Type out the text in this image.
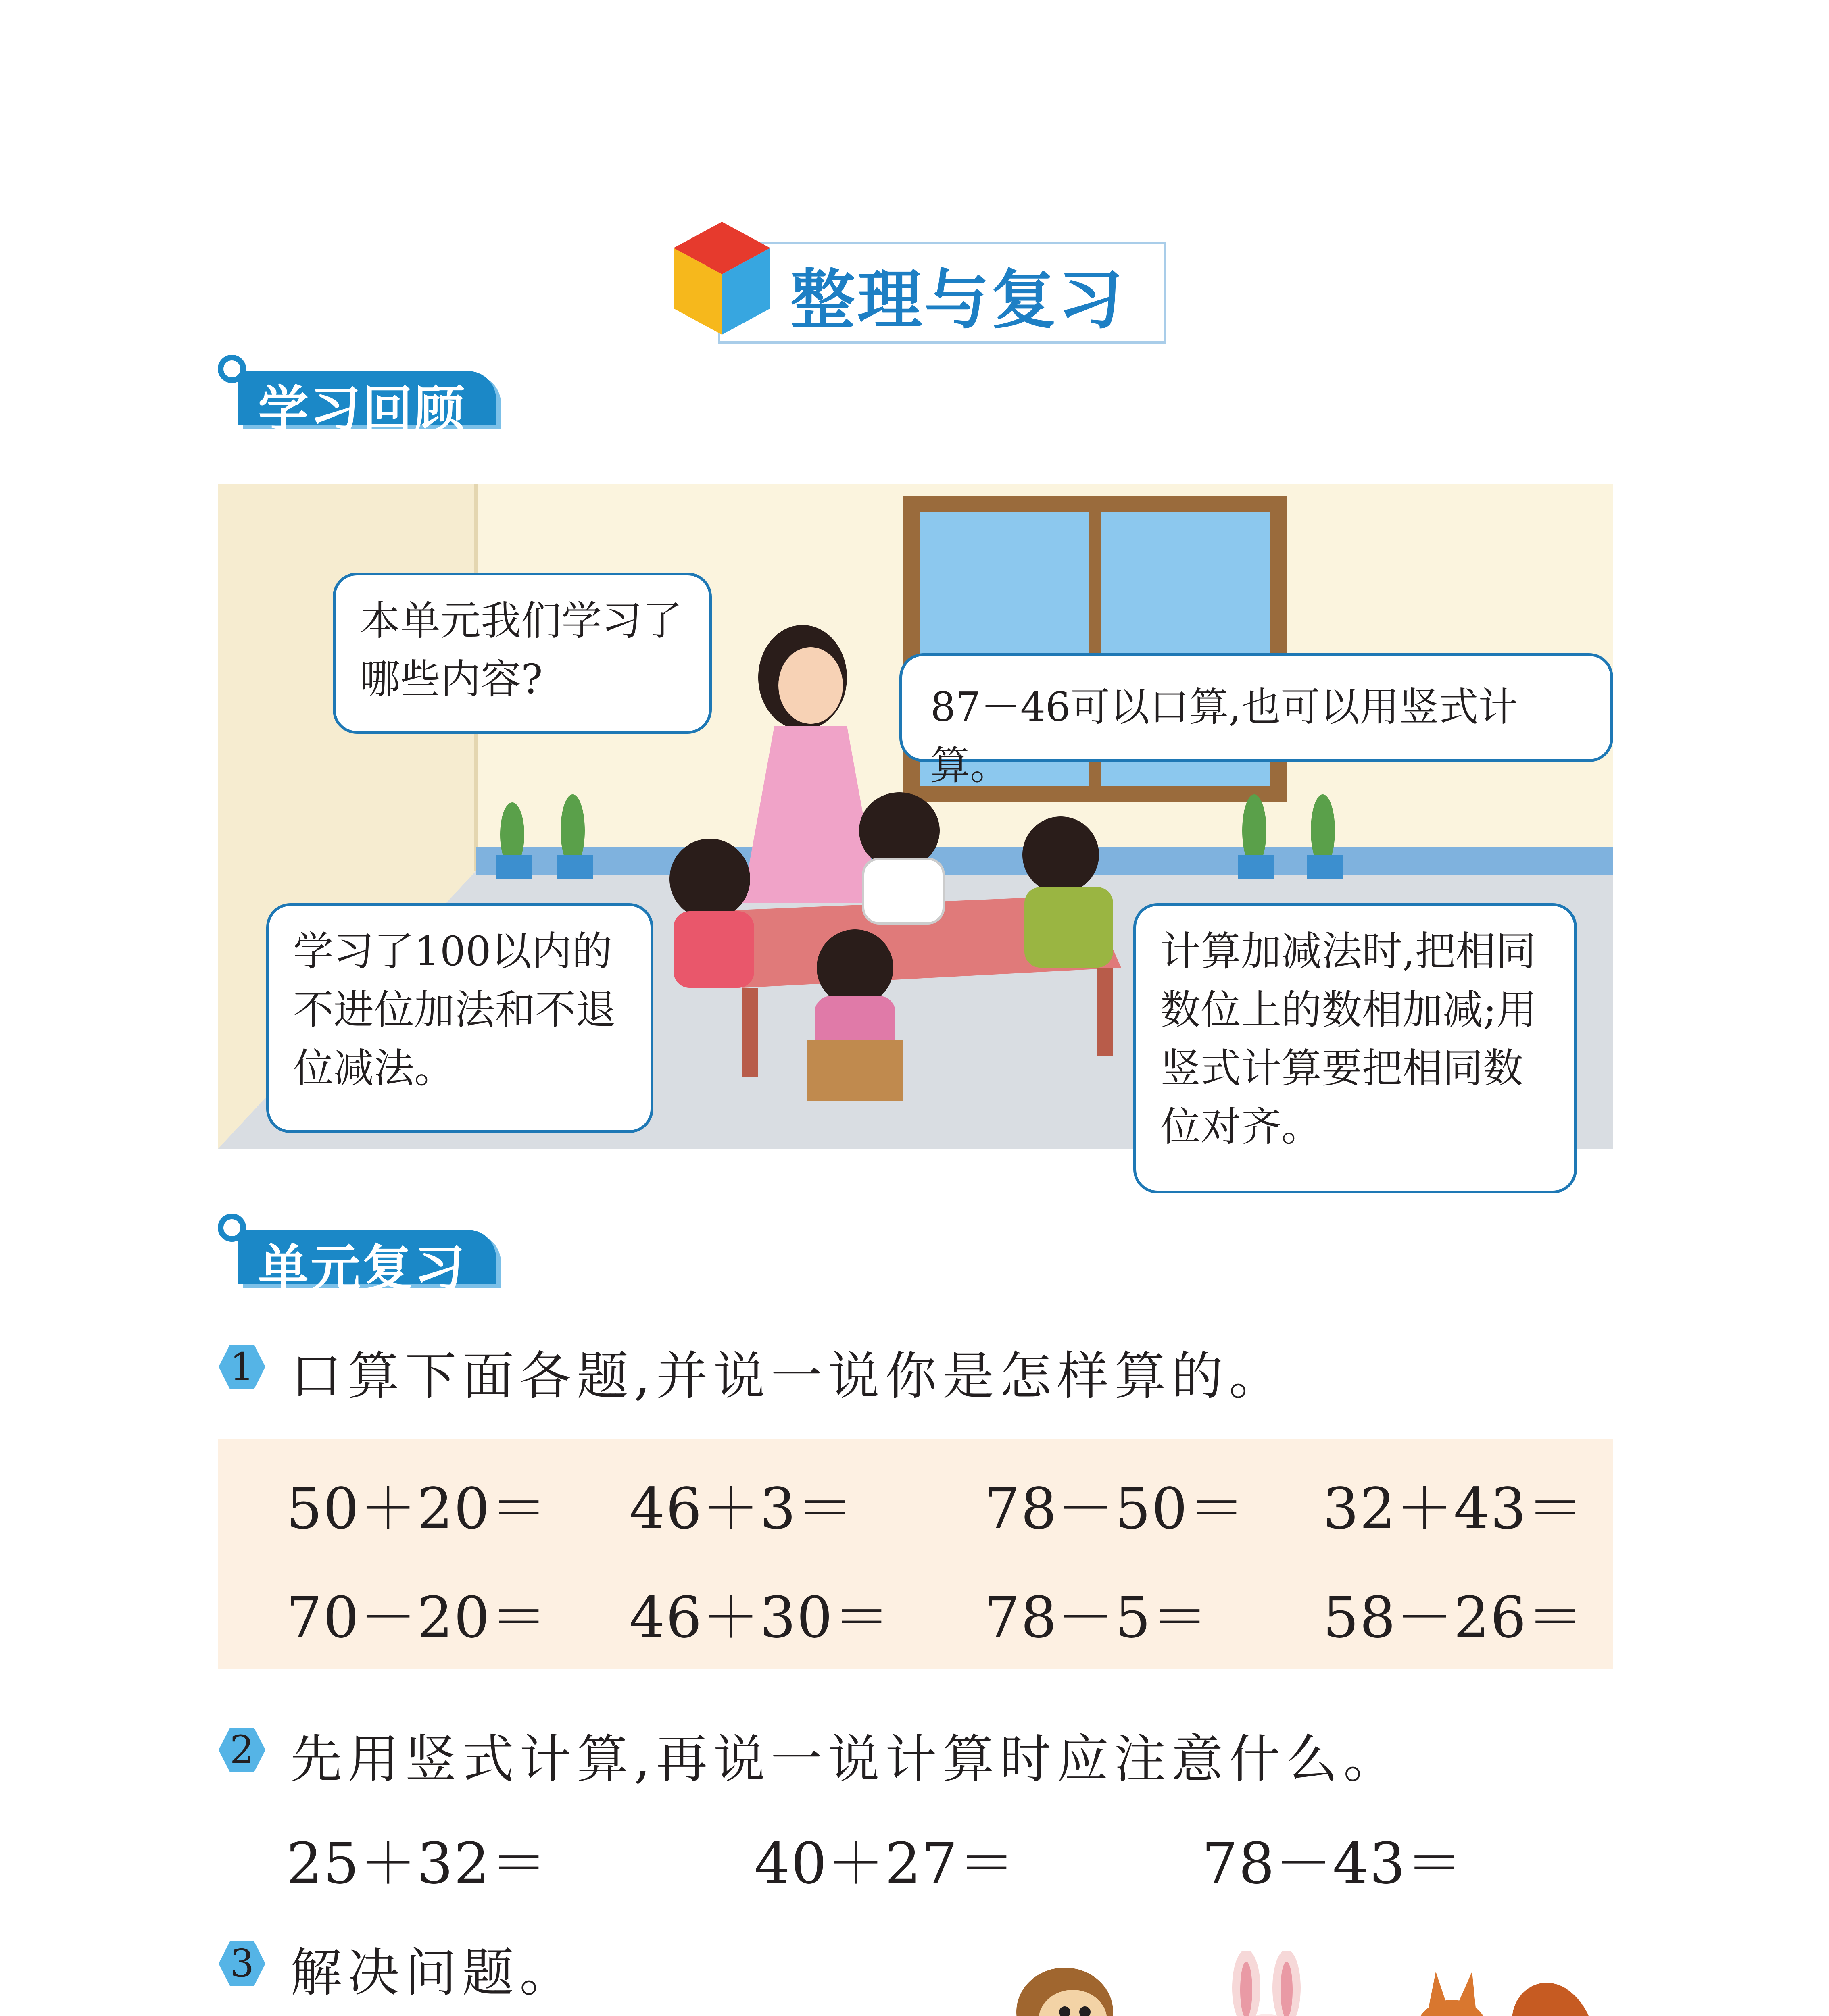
整理与复习
学习回顾
本单元我们学习了哪些内容?
87－46可以口算,也可以用竖式计算。
学习了100以内的不进位加法和不退位减法。
计算加减法时,把相同数位上的数相加减;用竖式计算要把相同数位对齐。
单元复习
1 口算下面各题,并说一说你是怎样算的。
50＋20＝ 46＋3＝ 78－50＝ 32＋43＝
70－20＝ 46＋30＝ 78－5＝ 58－26＝
2 先用竖式计算,再说一说计算时应注意什么。
25＋32＝	40＋27＝	78－43＝
3 解决问题。
